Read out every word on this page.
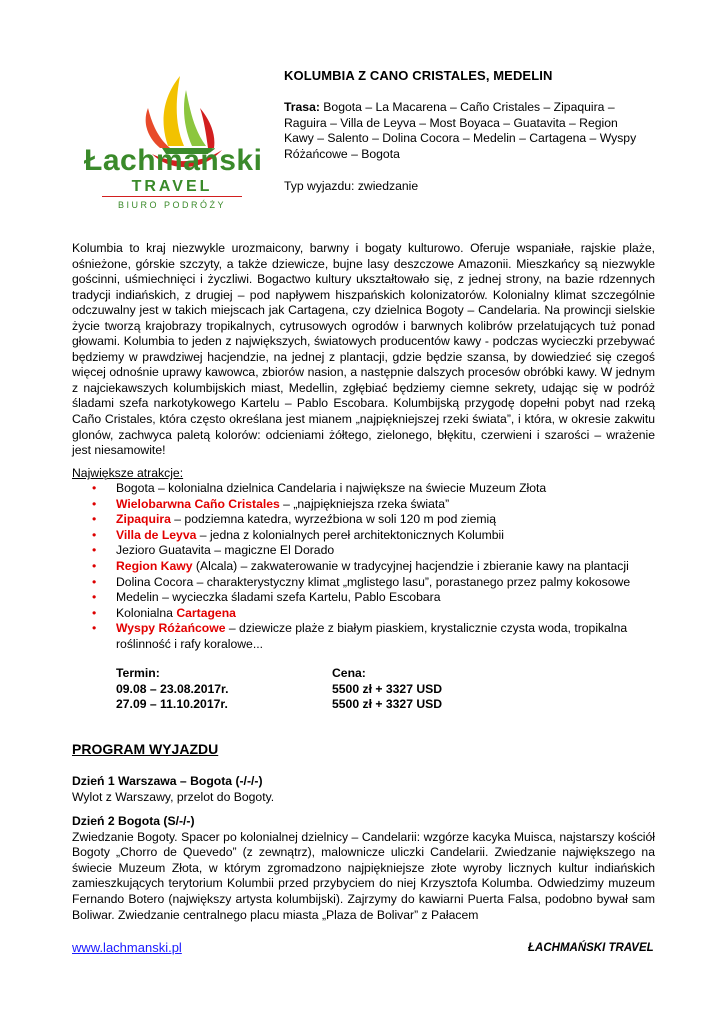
Łachmański
TRAVEL
BIURO PODRÓŻY
KOLUMBIA Z CANO CRISTALES, MEDELIN
Trasa: Bogota – La Macarena – Caño Cristales – Zipaquira – Raguira – Villa de Leyva – Most Boyaca – Guatavita – Region Kawy – Salento – Dolina Cocora – Medelin – Cartagena – Wyspy Różańcowe – Bogota
Typ wyjazdu: zwiedzanie
Kolumbia to kraj niezwykle urozmaicony, barwny i bogaty kulturowo. Oferuje wspaniałe, rajskie plaże, ośnieżone, górskie szczyty, a także dziewicze, bujne lasy deszczowe Amazonii. Mieszkańcy są niezwykle gościnni, uśmiechnięci i życzliwi. Bogactwo kultury ukształtowało się, z jednej strony, na bazie rdzennych tradycji indiańskich, z drugiej – pod napływem hiszpańskich kolonizatorów. Kolonialny klimat szczególnie odczuwalny jest w takich miejscach jak Cartagena, czy dzielnica Bogoty – Candelaria. Na prowincji sielskie życie tworzą krajobrazy tropikalnych, cytrusowych ogrodów i barwnych kolibrów przelatujących tuż ponad głowami. Kolumbia to jeden z największych, światowych producentów kawy - podczas wycieczki przebywać będziemy w prawdziwej hacjendzie, na jednej z plantacji, gdzie będzie szansa, by dowiedzieć się czegoś więcej odnośnie uprawy kawowca, zbiorów nasion, a następnie dalszych procesów obróbki kawy. W jednym z najciekawszych kolumbijskich miast, Medellin, zgłębiać będziemy ciemne sekrety, udając się w podróż śladami szefa narkotykowego Kartelu – Pablo Escobara. Kolumbijską przygodę dopełni pobyt nad rzeką Caño Cristales, która często określana jest mianem „najpiękniejszej rzeki świata”, i która, w okresie zakwitu glonów, zachwyca paletą kolorów: odcieniami żółtego, zielonego, błękitu, czerwieni i szarości – wrażenie jest niesamowite!
Największe atrakcje:
• Bogota – kolonialna dzielnica Candelaria i największe na świecie Muzeum Złota
• Wielobarwna Caño Cristales – „najpiękniejsza rzeka świata”
• Zipaquira – podziemna katedra, wyrzeźbiona w soli 120 m pod ziemią
• Villa de Leyva – jedna z kolonialnych pereł architektonicznych Kolumbii
• Jezioro Guatavita – magiczne El Dorado
• Region Kawy (Alcala) – zakwaterowanie w tradycyjnej hacjendzie i zbieranie kawy na plantacji
• Dolina Cocora – charakterystyczny klimat „mglistego lasu”, porastanego przez palmy kokosowe
• Medelin – wycieczka śladami szefa Kartelu, Pablo Escobara
• Kolonialna Cartagena
• Wyspy Różańcowe – dziewicze plaże z białym piaskiem, krystalicznie czysta woda, tropikalna roślinność i rafy koralowe...
Termin:
09.08 – 23.08.2017r.
27.09 – 11.10.2017r.
Cena:
5500 zł + 3327 USD
5500 zł + 3327 USD
PROGRAM WYJAZDU
Dzień 1 Warszawa – Bogota (-/-/-)
Wylot z Warszawy, przelot do Bogoty.
Dzień 2 Bogota (S/-/-)
Zwiedzanie Bogoty. Spacer po kolonialnej dzielnicy – Candelarii: wzgórze kacyka Muisca, najstarszy kościół Bogoty „Chorro de Quevedo” (z zewnątrz), malownicze uliczki Candelarii. Zwiedzanie największego na świecie Muzeum Złota, w którym zgromadzono najpiękniejsze złote wyroby licznych kultur indiańskich zamieszkujących terytorium Kolumbii przed przybyciem do niej Krzysztofa Kolumba. Odwiedzimy muzeum Fernando Botero (największy artysta kolumbijski). Zajrzymy do kawiarni Puerta Falsa, podobno bywał sam Boliwar. Zwiedzanie centralnego placu miasta „Plaza de Bolivar” z Pałacem
www.lachmanski.pl	ŁACHMAŃSKI TRAVEL
